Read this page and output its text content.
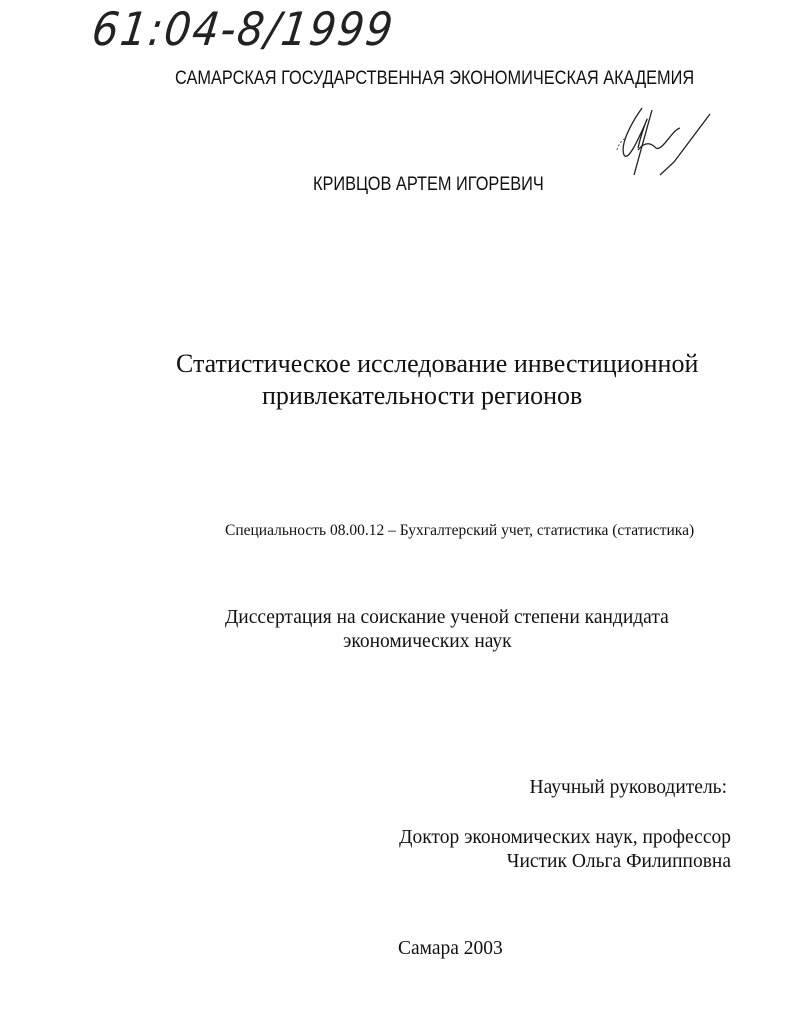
61:04-8/1999
САМАРСКАЯ ГОСУДАРСТВЕННАЯ ЭКОНОМИЧЕСКАЯ АКАДЕМИЯ
КРИВЦОВ АРТЕМ ИГОРЕВИЧ
Статистическое исследование инвестиционной
привлекательности регионов
Специальность 08.00.12 – Бухгалтерский учет, статистика (статистика)
Диссертация на соискание ученой степени кандидата
экономических наук
Научный руководитель:
Доктор экономических наук, профессор
Чистик Ольга Филипповна
Самара 2003
